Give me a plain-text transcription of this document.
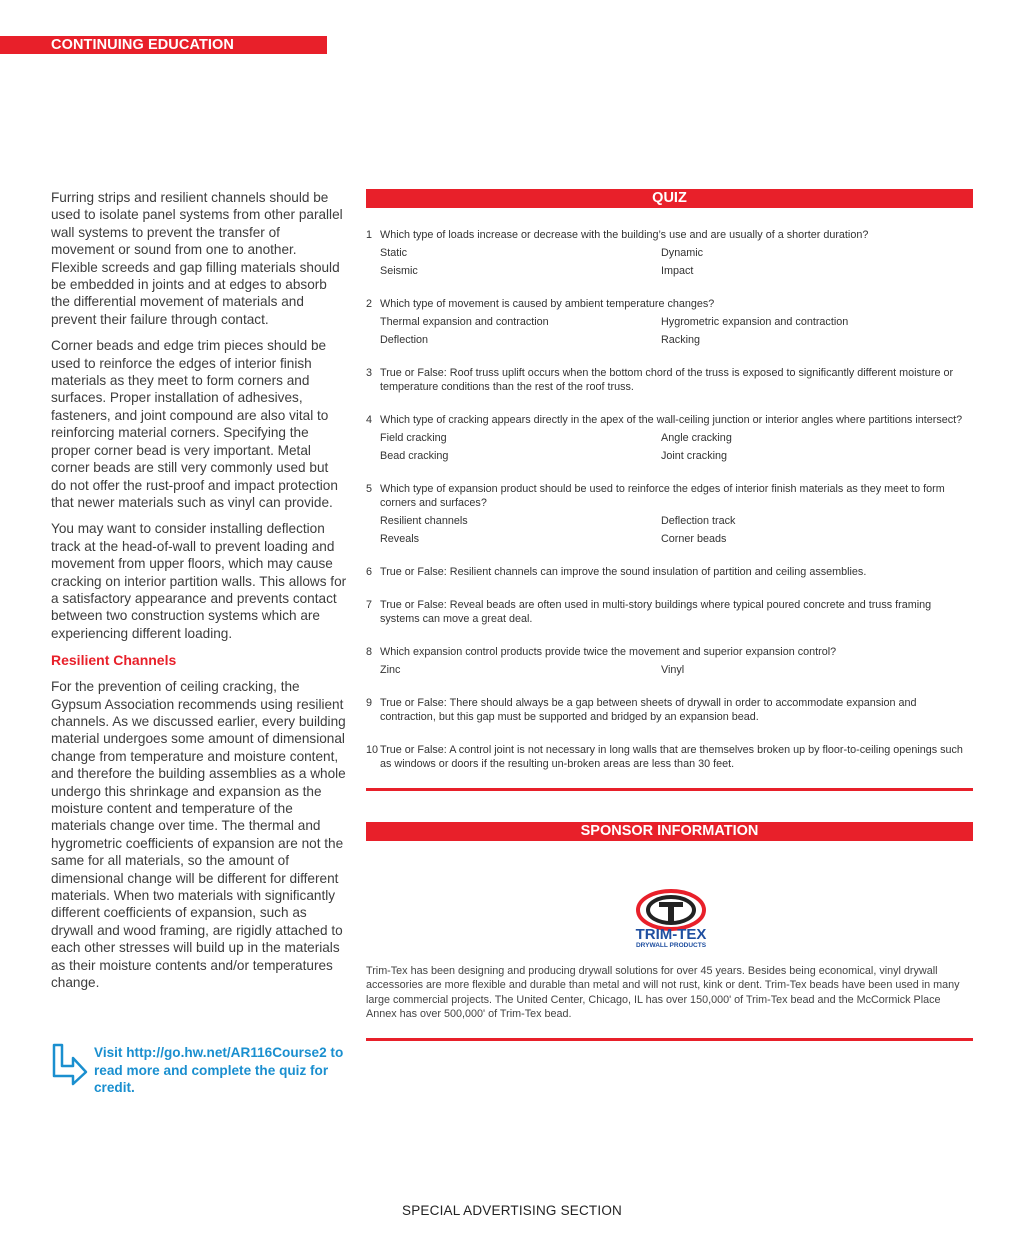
CONTINUING EDUCATION

Furring strips and resilient channels should be used to isolate panel systems from other parallel wall systems to prevent the transfer of movement or sound from one to another. Flexible screeds and gap filling materials should be embedded in joints and at edges to absorb the differential movement of materials and prevent their failure through contact.

Corner beads and edge trim pieces should be used to reinforce the edges of interior finish materials as they meet to form corners and surfaces. Proper installation of adhesives, fasteners, and joint compound are also vital to reinforcing material corners. Specifying the proper corner bead is very important. Metal corner beads are still very commonly used but do not offer the rust-proof and impact protection that newer materials such as vinyl can provide.

You may want to consider installing deflection track at the head-of-wall to prevent loading and movement from upper floors, which may cause cracking on interior partition walls. This allows for a satisfactory appearance and prevents contact between two construction systems which are experiencing different loading.

Resilient Channels

For the prevention of ceiling cracking, the Gypsum Association recommends using resilient channels. As we discussed earlier, every building material undergoes some amount of dimensional change from temperature and moisture content, and therefore the building assemblies as a whole undergo this shrinkage and expansion as the moisture content and temperature of the materials change over time. The thermal and hygrometric coefficients of expansion are not the same for all materials, so the amount of dimensional change will be different for different materials. When two materials with significantly different coefficients of expansion, such as drywall and wood framing, are rigidly attached to each other stresses will build up in the materials as their moisture contents and/or temperatures change.

Visit http://go.hw.net/AR116Course2 to read more and complete the quiz for credit.
QUIZ
1 Which type of loads increase or decrease with the building’s use and are usually of a shorter duration?
Static	Dynamic
Seismic	Impact
2 Which type of movement is caused by ambient temperature changes?
Thermal expansion and contraction	Hygrometric expansion and contraction
Deflection	Racking
3 True or False: Roof truss uplift occurs when the bottom chord of the truss is exposed to significantly different moisture or temperature conditions than the rest of the roof truss.
4 Which type of cracking appears directly in the apex of the wall-ceiling junction or interior angles where partitions intersect?
Field cracking	Angle cracking
Bead cracking	Joint cracking
5 Which type of expansion product should be used to reinforce the edges of interior finish materials as they meet to form corners and surfaces?
Resilient channels	Deflection track
Reveals	Corner beads
6 True or False: Resilient channels can improve the sound insulation of partition and ceiling assemblies.
7 True or False: Reveal beads are often used in multi-story buildings where typical poured concrete and truss framing systems can move a great deal.
8 Which expansion control products provide twice the movement and superior expansion control?
Zinc	Vinyl
9 True or False: There should always be a gap between sheets of drywall in order to accommodate expansion and contraction, but this gap must be supported and bridged by an expansion bead.
10 True or False: A control joint is not necessary in long walls that are themselves broken up by floor-to-ceiling openings such as windows or doors if the resulting un-broken areas are less than 30 feet.
SPONSOR INFORMATION
TRIM-TEX
DRYWALL PRODUCTS
Trim-Tex has been designing and producing drywall solutions for over 45 years. Besides being economical, vinyl drywall accessories are more flexible and durable than metal and will not rust, kink or dent. Trim-Tex beads have been used in many large commercial projects. The United Center, Chicago, IL has over 150,000' of Trim-Tex bead and the McCormick Place Annex has over 500,000' of Trim-Tex bead.
SPECIAL ADVERTISING SECTION
